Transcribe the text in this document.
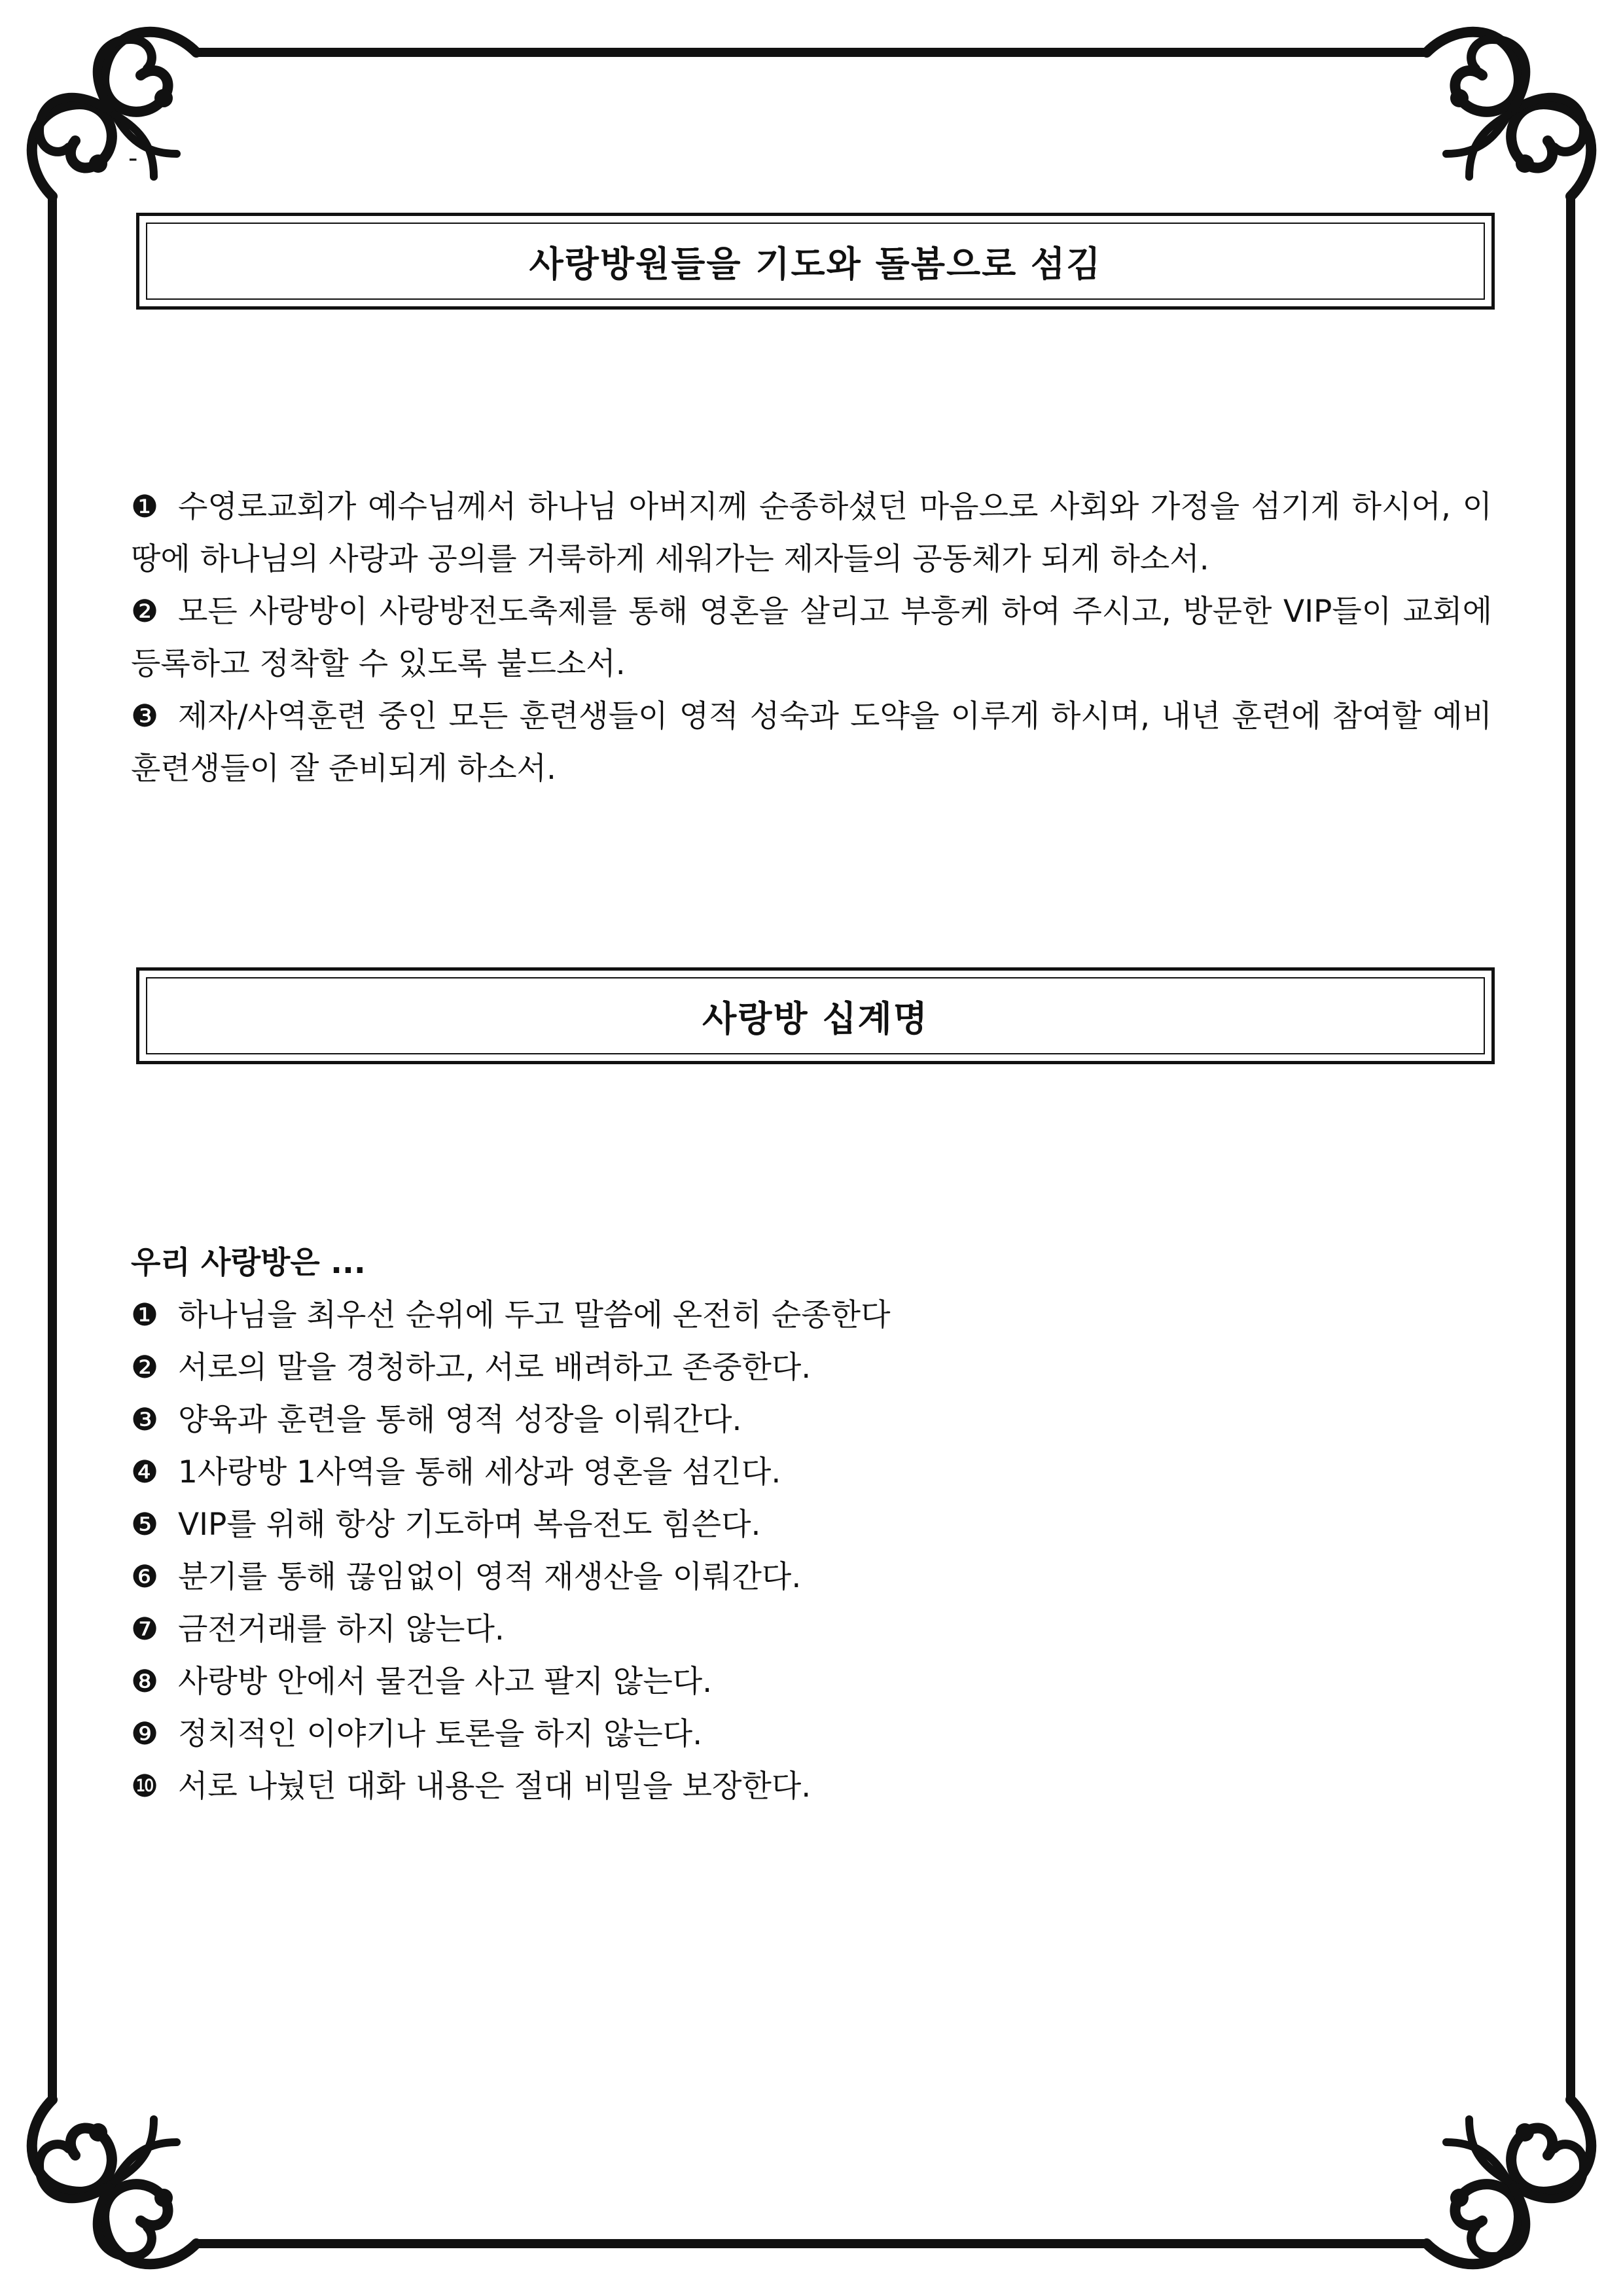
-
사랑방원들을 기도와 돌봄으로 섬김

❶ 수영로교회가 예수님께서 하나님 아버지께 순종하셨던 마음으로 사회와 가정을 섬기게 하시어, 이 땅에 하나님의 사랑과 공의를 거룩하게 세워가는 제자들의 공동체가 되게 하소서.

❷ 모든 사랑방이 사랑방전도축제를 통해 영혼을 살리고 부흥케 하여 주시고, 방문한 VIP들이 교회에 등록하고 정착할 수 있도록 붙드소서.

❸ 제자/사역훈련 중인 모든 훈련생들이 영적 성숙과 도약을 이루게 하시며, 내년 훈련에 참여할 예비 훈련생들이 잘 준비되게 하소서.

사랑방 십계명

우리 사랑방은 ...

❶ 하나님을 최우선 순위에 두고 말씀에 온전히 순종한다

❷ 서로의 말을 경청하고, 서로 배려하고 존중한다.

❸ 양육과 훈련을 통해 영적 성장을 이뤄간다.

❹ 1사랑방 1사역을 통해 세상과 영혼을 섬긴다.

❺ VIP를 위해 항상 기도하며 복음전도 힘쓴다.

❻ 분기를 통해 끊임없이 영적 재생산을 이뤄간다.

❼ 금전거래를 하지 않는다.

❽ 사랑방 안에서 물건을 사고 팔지 않는다.

❾ 정치적인 이야기나 토론을 하지 않는다.

❿ 서로 나눴던 대화 내용은 절대 비밀을 보장한다.
